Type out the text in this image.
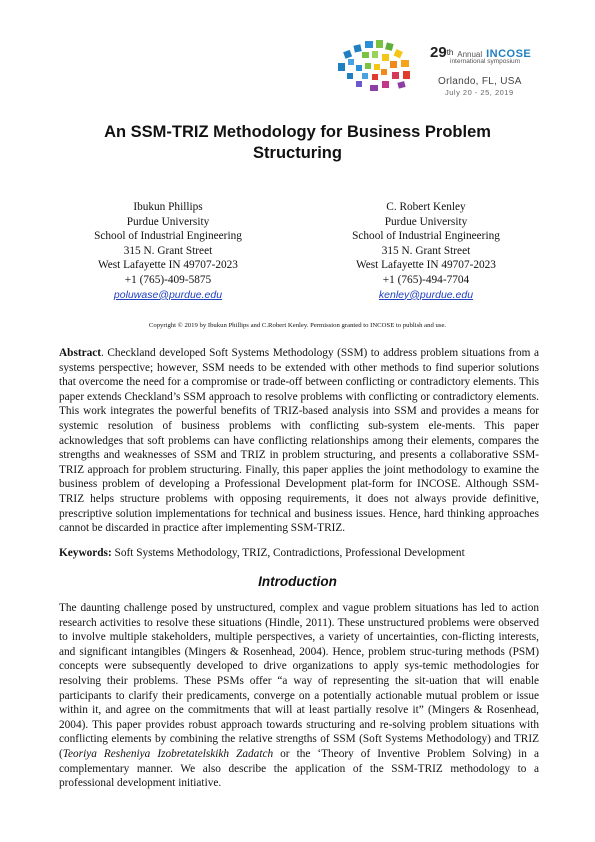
29th Annual INCOSE
international symposium
Orlando, FL, USA
July 20 - 25, 2019
An SSM-TRIZ Methodology for Business Problem
Structuring
Ibukun Phillips
Purdue University
School of Industrial Engineering
315 N. Grant Street
West Lafayette IN 49707-2023
+1 (765)-409-5875
poluwase@purdue.edu
C. Robert Kenley
Purdue University
School of Industrial Engineering
315 N. Grant Street
West Lafayette IN 49707-2023
+1 (765)-494-7704
kenley@purdue.edu
Copyright © 2019 by Ibukun Phillips and C.Robert Kenley. Permission granted to INCOSE to publish and use.

Abstract. Checkland developed Soft Systems Methodology (SSM) to address problem situations from a systems perspective; however, SSM needs to be extended with other methods to find superior solutions that overcome the need for a compromise or trade-off between conflicting or contradictory elements. This paper extends Checkland’s SSM approach to resolve problems with conflicting or contradictory elements. This work integrates the powerful benefits of TRIZ-based analysis into SSM and provides a means for systemic resolution of business problems with conflicting sub-system ele-ments. This paper acknowledges that soft problems can have conflicting relationships among their elements, compares the strengths and weaknesses of SSM and TRIZ in problem structuring, and presents a collaborative SSM-TRIZ approach for problem structuring. Finally, this paper applies the joint methodology to examine the business problem of developing a Professional Development plat-form for INCOSE. Although SSM-TRIZ helps structure problems with opposing requirements, it does not always provide definitive, prescriptive solution implementations for technical and business issues. Hence, hard thinking approaches cannot be discarded in practice after implementing SSM-TRIZ.

Keywords: Soft Systems Methodology, TRIZ, Contradictions, Professional Development

Introduction

The daunting challenge posed by unstructured, complex and vague problem situations has led to action research activities to resolve these situations (Hindle, 2011). These unstructured problems were observed to involve multiple stakeholders, multiple perspectives, a variety of uncertainties, con-flicting interests, and significant intangibles (Mingers & Rosenhead, 2004). Hence, problem struc-turing methods (PSM) concepts were subsequently developed to drive organizations to apply sys-temic methodologies for resolving their problems. These PSMs offer “a way of representing the sit-uation that will enable participants to clarify their predicaments, converge on a potentially actionable mutual problem or issue within it, and agree on the commitments that will at least partially resolve it” (Mingers & Rosenhead, 2004). This paper provides robust approach towards structuring and re-solving problem situations with conflicting elements by combining the relative strengths of SSM (Soft Systems Methodology) and TRIZ (Teoriya Resheniya Izobretatelskikh Zadatch or the ‘Theory of Inventive Problem Solving) in a complementary manner. We also describe the application of the SSM-TRIZ methodology to a professional development initiative.
